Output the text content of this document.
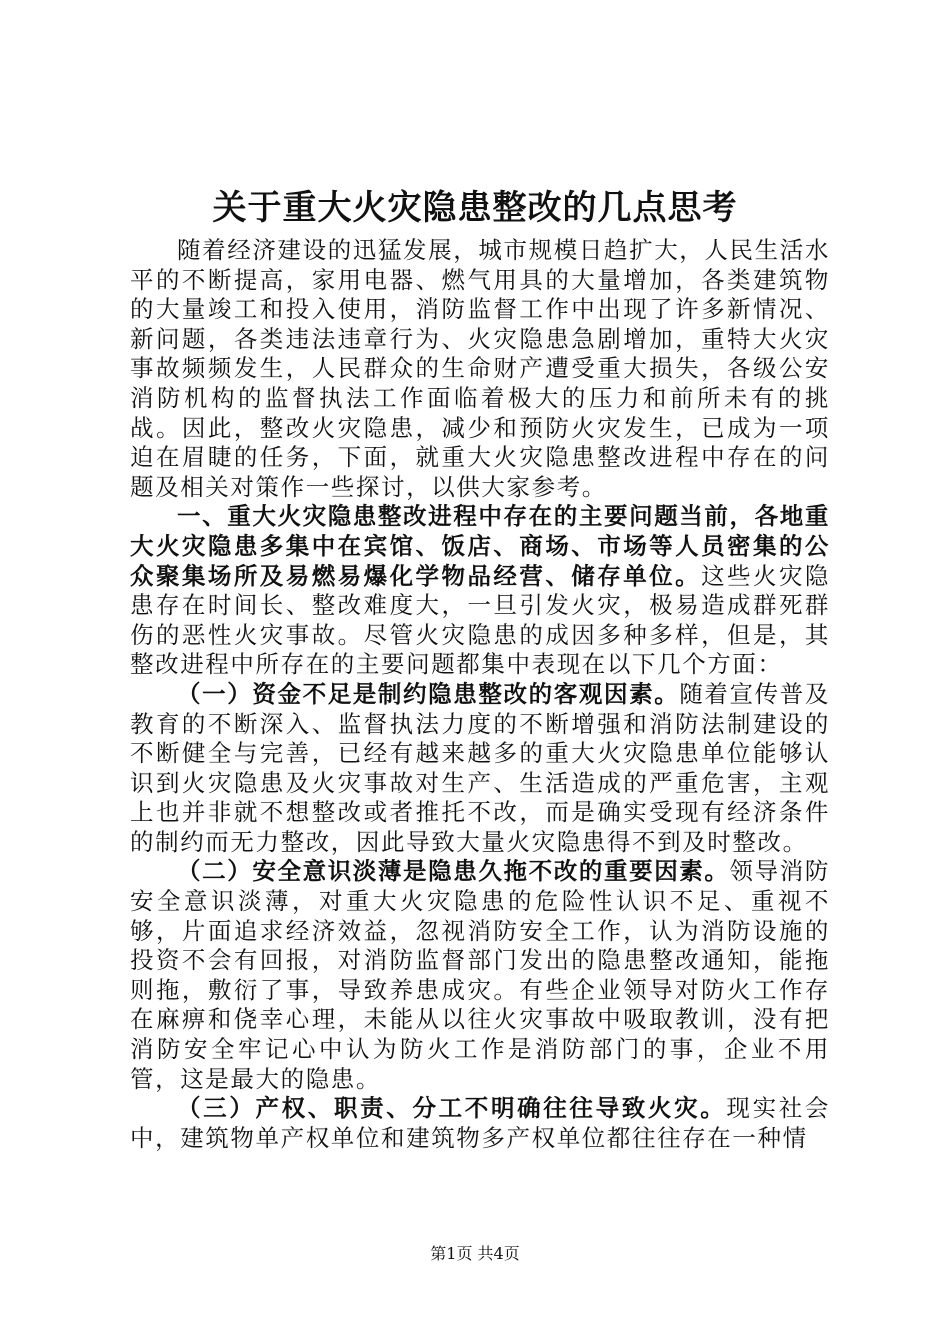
关于重大火灾隐患整改的几点思考

随着经济建设的迅猛发展，城市规模日趋扩大，人民生活水平的不断提高，家用电器、燃气用具的大量增加，各类建筑物的大量竣工和投入使用，消防监督工作中出现了许多新情况、新问题，各类违法违章行为、火灾隐患急剧增加，重特大火灾事故频频发生，人民群众的生命财产遭受重大损失，各级公安消防机构的监督执法工作面临着极大的压力和前所未有的挑战。因此，整改火灾隐患，减少和预防火灾发生，已成为一项迫在眉睫的任务，下面，就重大火灾隐患整改进程中存在的问题及相关对策作一些探讨，以供大家参考。

一、重大火灾隐患整改进程中存在的主要问题当前，各地重大火灾隐患多集中在宾馆、饭店、商场、市场等人员密集的公众聚集场所及易燃易爆化学物品经营、储存单位。这些火灾隐患存在时间长、整改难度大，一旦引发火灾，极易造成群死群伤的恶性火灾事故。尽管火灾隐患的成因多种多样，但是，其整改进程中所存在的主要问题都集中表现在以下几个方面：

（一）资金不足是制约隐患整改的客观因素。随着宣传普及教育的不断深入、监督执法力度的不断增强和消防法制建设的不断健全与完善，已经有越来越多的重大火灾隐患单位能够认识到火灾隐患及火灾事故对生产、生活造成的严重危害，主观上也并非就不想整改或者推托不改，而是确实受现有经济条件的制约而无力整改，因此导致大量火灾隐患得不到及时整改。

（二）安全意识淡薄是隐患久拖不改的重要因素。领导消防安全意识淡薄，对重大火灾隐患的危险性认识不足、重视不够，片面追求经济效益，忽视消防安全工作，认为消防设施的投资不会有回报，对消防监督部门发出的隐患整改通知，能拖则拖，敷衍了事，导致养患成灾。有些企业领导对防火工作存在麻痹和侥幸心理，未能从以往火灾事故中吸取教训，没有把消防安全牢记心中认为防火工作是消防部门的事，企业不用管，这是最大的隐患。

（三）产权、职责、分工不明确往往导致火灾。现实社会中，建筑物单产权单位和建筑物多产权单位都往往存在一种情

第1页 共4页
